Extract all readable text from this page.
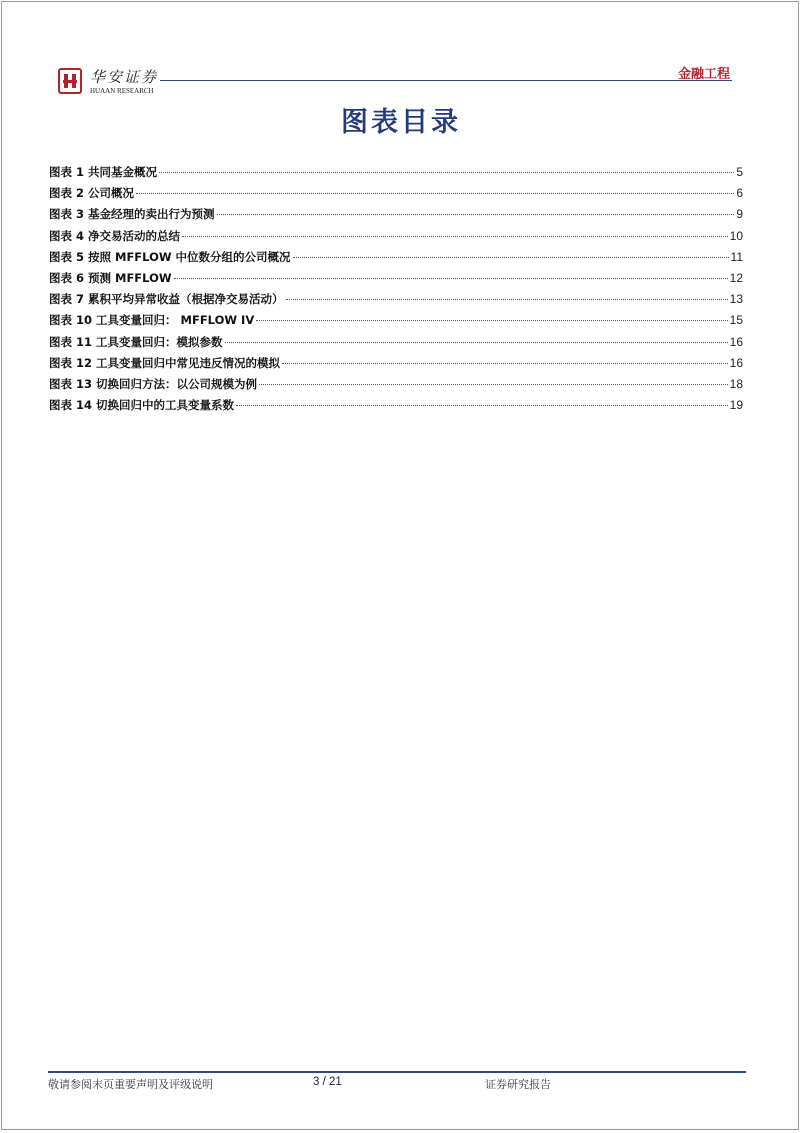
华安证券
HUAAN RESEARCH
金融工程
图表目录
图表 1 共同基金概况	5
图表 2 公司概况	6
图表 3 基金经理的卖出行为预测	9
图表 4 净交易活动的总结	10
图表 5 按照 MFFLOW 中位数分组的公司概况	11
图表 6 预测 MFFLOW	12
图表 7 累积平均异常收益（根据净交易活动）	13
图表 10 工具变量回归： MFFLOW IV	15
图表 11 工具变量回归：模拟参数	16
图表 12 工具变量回归中常见违反情况的模拟	16
图表 13 切换回归方法：以公司规模为例	18
图表 14 切换回归中的工具变量系数	19
敬请参阅末页重要声明及评级说明	3 / 21	证券研究报告
